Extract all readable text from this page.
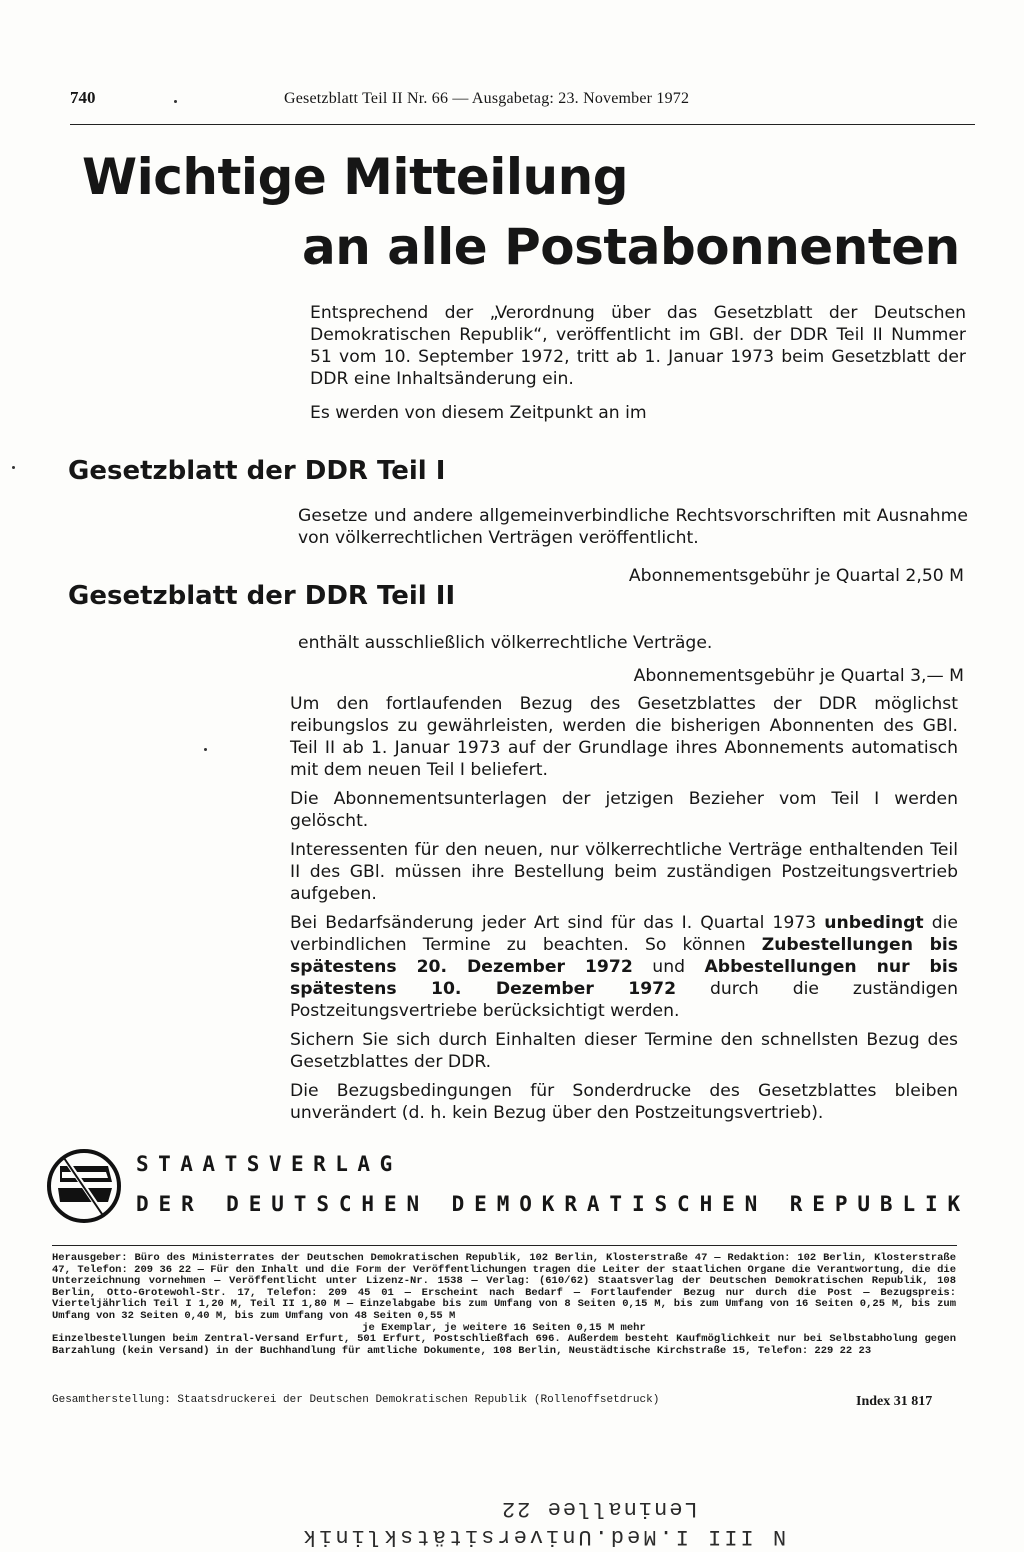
740	Gesetzblatt Teil II Nr. 66 — Ausgabetag: 23. November 1972
Wichtige Mitteilung
an alle Postabonnenten

Entsprechend der „Verordnung über das Gesetzblatt der Deutschen Demokratischen Republik“, veröffentlicht im GBl. der DDR Teil II Nummer 51 vom 10. September 1972, tritt ab 1. Januar 1973 beim Gesetzblatt der DDR eine Inhaltsänderung ein.

Es werden von diesem Zeitpunkt an im

Gesetzblatt der DDR Teil I
Gesetze und andere allgemeinverbindliche Rechtsvorschriften mit Ausnahme von völkerrechtlichen Verträgen veröffentlicht.
Abonnementsgebühr je Quartal 2,50 M
Gesetzblatt der DDR Teil II
enthält ausschließlich völkerrechtliche Verträge.
Abonnementsgebühr je Quartal 3,— M

Um den fortlaufenden Bezug des Gesetzblattes der DDR möglichst reibungslos zu gewährleisten, werden die bisherigen Abonnenten des GBl. Teil II ab 1. Januar 1973 auf der Grundlage ihres Abonnements automatisch mit dem neuen Teil I beliefert.

Die Abonnementsunterlagen der jetzigen Bezieher vom Teil I werden gelöscht.

Interessenten für den neuen, nur völkerrechtliche Verträge enthaltenden Teil II des GBl. müssen ihre Bestellung beim zuständigen Postzeitungsvertrieb aufgeben.

Bei Bedarfsänderung jeder Art sind für das I. Quartal 1973 unbedingt die verbindlichen Termine zu beachten. So können Zubestellungen bis spätestens 20. Dezember 1972 und Abbestellungen nur bis spätestens 10. Dezember 1972 durch die zuständigen Postzeitungsvertriebe berücksichtigt werden.

Sichern Sie sich durch Einhalten dieser Termine den schnellsten Bezug des Gesetzblattes der DDR.

Die Bezugsbedingungen für Sonderdrucke des Gesetzblattes bleiben unverändert (d. h. kein Bezug über den Postzeitungsvertrieb).

STAATSVERLAG
DER DEUTSCHEN DEMOKRATISCHEN REPUBLIK

Herausgeber: Büro des Ministerrates der Deutschen Demokratischen Republik, 102 Berlin, Klosterstraße 47 — Redaktion: 102 Berlin, Klosterstraße 47, Telefon: 209 36 22 — Für den Inhalt und die Form der Veröffentlichungen tragen die Leiter der staatlichen Organe die Verantwortung, die die Unterzeichnung vornehmen — Veröffentlicht unter Lizenz-Nr. 1538 — Verlag: (610/62) Staatsverlag der Deutschen Demokratischen Republik, 108 Berlin, Otto-Grotewohl-Str. 17, Telefon: 209 45 01 — Erscheint nach Bedarf — Fortlaufender Bezug nur durch die Post — Bezugspreis: Vierteljährlich Teil I 1,20 M, Teil II 1,80 M — Einzelabgabe bis zum Umfang von 8 Seiten 0,15 M, bis zum Umfang von 16 Seiten 0,25 M, bis zum Umfang von 32 Seiten 0,40 M, bis zum Umfang von 48 Seiten 0,55 M

je Exemplar, je weitere 16 Seiten 0,15 M mehr

Einzelbestellungen beim Zentral-Versand Erfurt, 501 Erfurt, Postschließfach 696. Außerdem besteht Kaufmöglichkeit nur bei Selbstabholung gegen Barzahlung (kein Versand) in der Buchhandlung für amtliche Dokumente, 108 Berlin, Neustädtische Kirchstraße 15, Telefon: 229 22 23

Gesamtherstellung: Staatsdruckerei der Deutschen Demokratischen Republik (Rollenoffsetdruck)	Index 31 817
Leninallee 22
N III I.Med.Universitätsklinik
